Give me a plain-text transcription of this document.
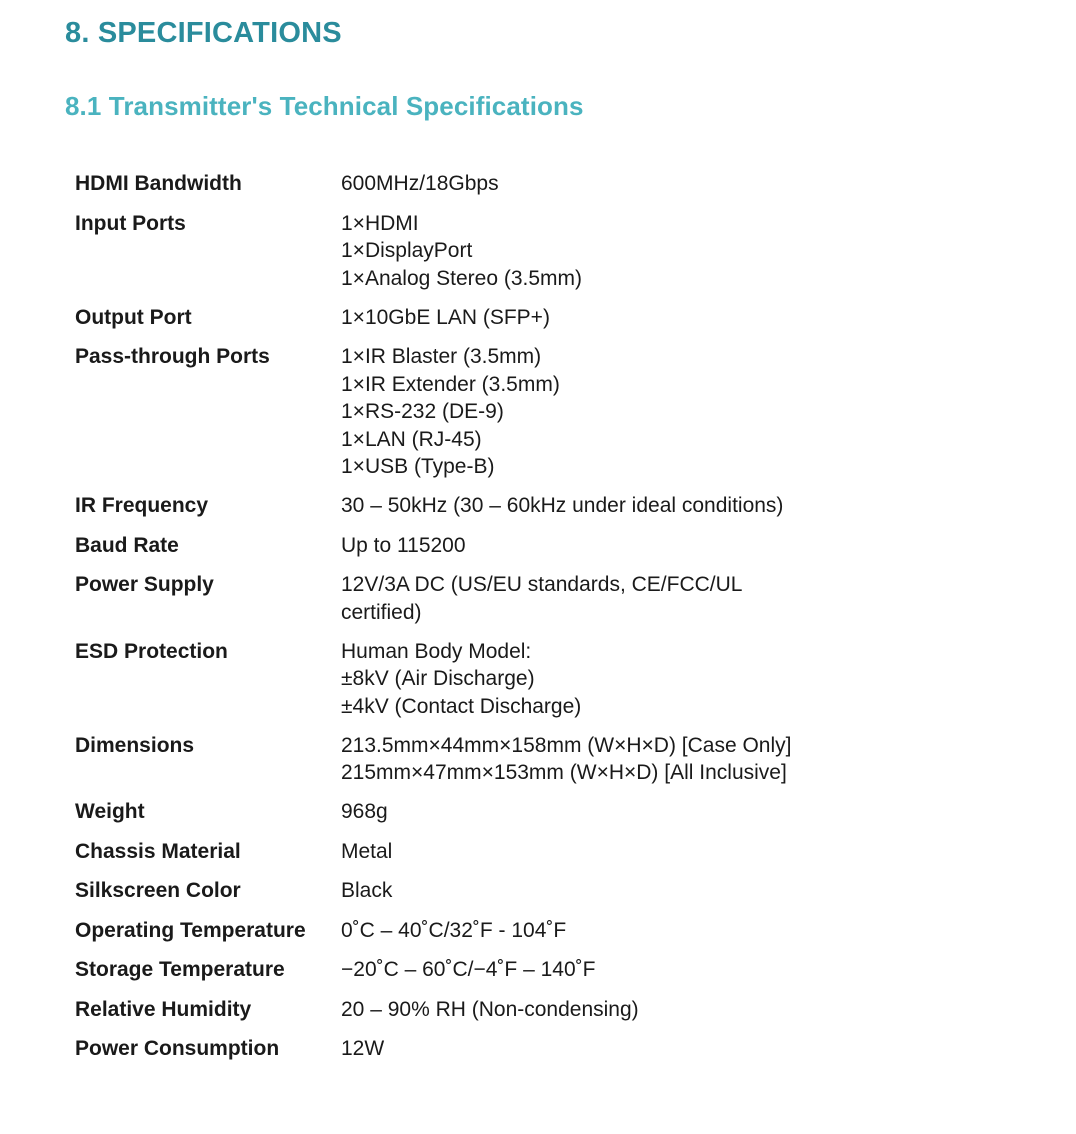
8. SPECIFICATIONS
8.1 Transmitter's Technical Specifications
HDMI Bandwidth	600MHz/18Gbps
Input Ports	1×HDMI
1×DisplayPort
1×Analog Stereo (3.5mm)
Output Port	1×10GbE LAN (SFP+)
Pass-through Ports	1×IR Blaster (3.5mm)
1×IR Extender (3.5mm)
1×RS-232 (DE-9)
1×LAN (RJ-45)
1×USB (Type-B)
IR Frequency	30 – 50kHz (30 – 60kHz under ideal conditions)
Baud Rate	Up to 115200
Power Supply	12V/3A DC (US/EU standards, CE/FCC/UL certified)
ESD Protection	Human Body Model:
±8kV (Air Discharge)
±4kV (Contact Discharge)
Dimensions	213.5mm×44mm×158mm (W×H×D) [Case Only]
215mm×47mm×153mm (W×H×D) [All Inclusive]
Weight	968g
Chassis Material	Metal
Silkscreen Color	Black
Operating Temperature	0˚C – 40˚C/32˚F - 104˚F
Storage Temperature	−20˚C – 60˚C/−4˚F – 140˚F
Relative Humidity	20 – 90% RH (Non-condensing)
Power Consumption	12W
